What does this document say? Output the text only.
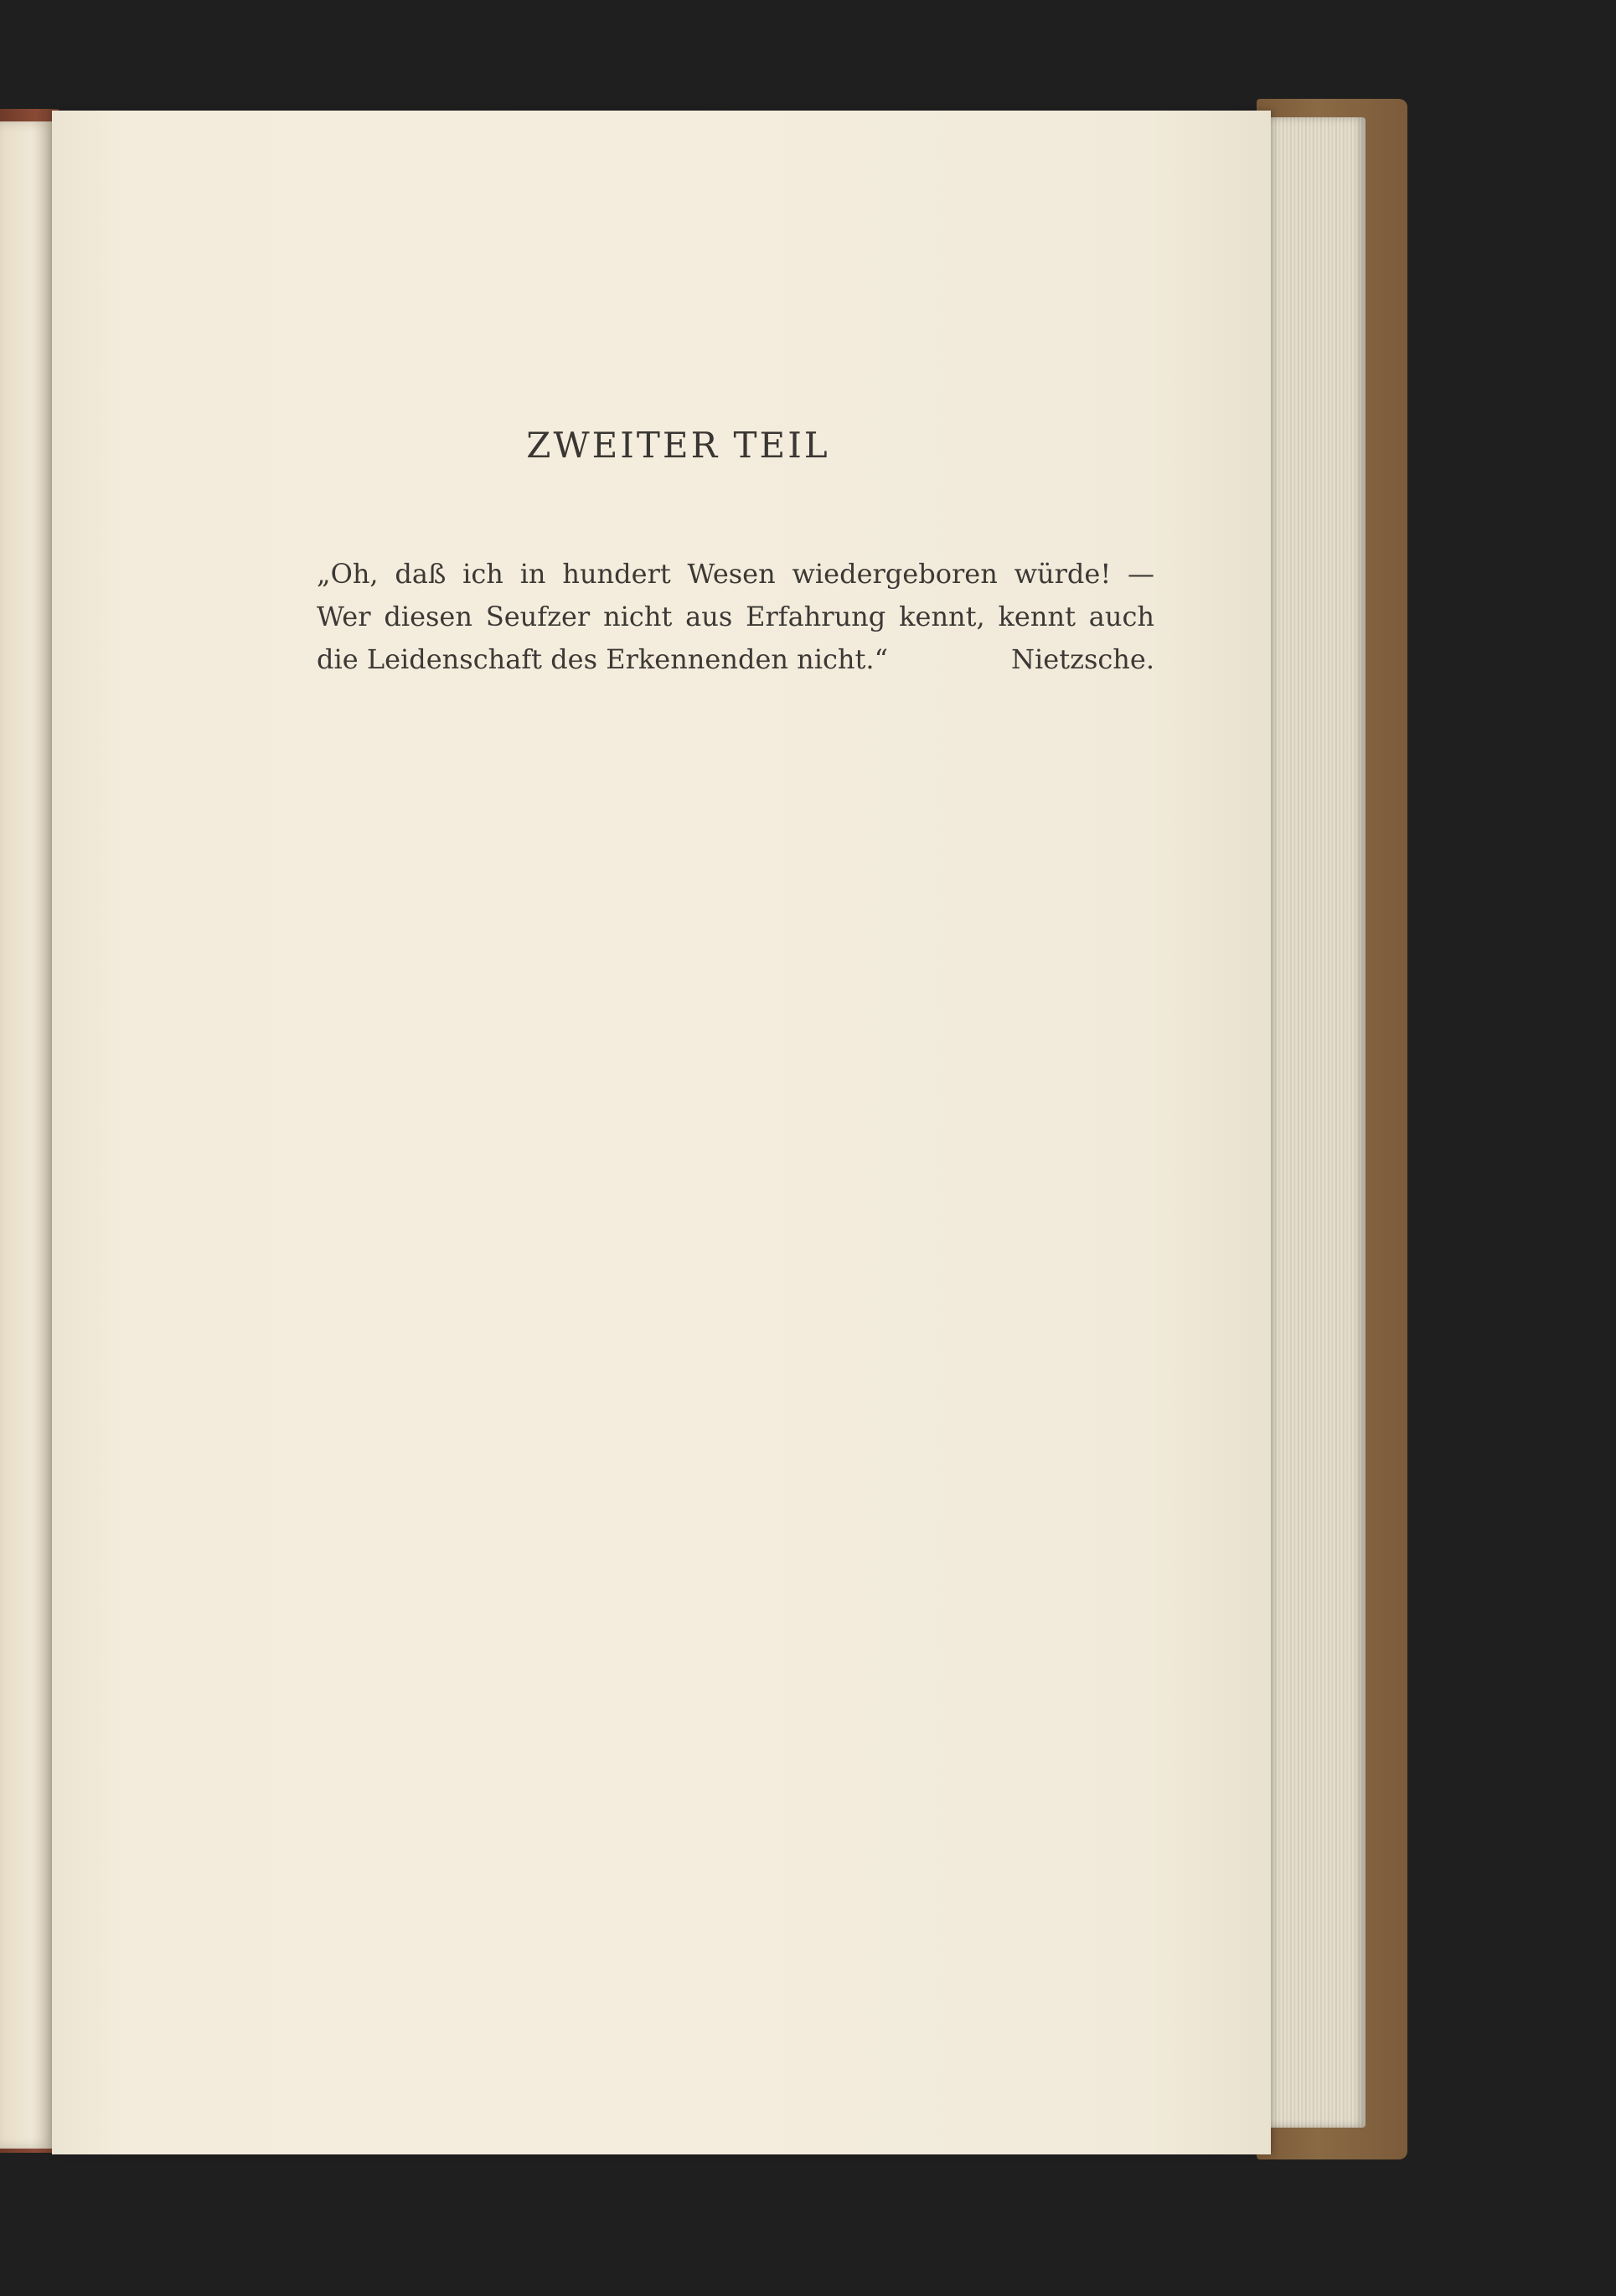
ZWEITER TEIL
„Oh, daß ich in hundert Wesen wiedergeboren würde! —
Wer diesen Seufzer nicht aus Erfahrung kennt, kennt auch
die Leidenschaft des Erkennenden nicht.“	Nietzsche.
